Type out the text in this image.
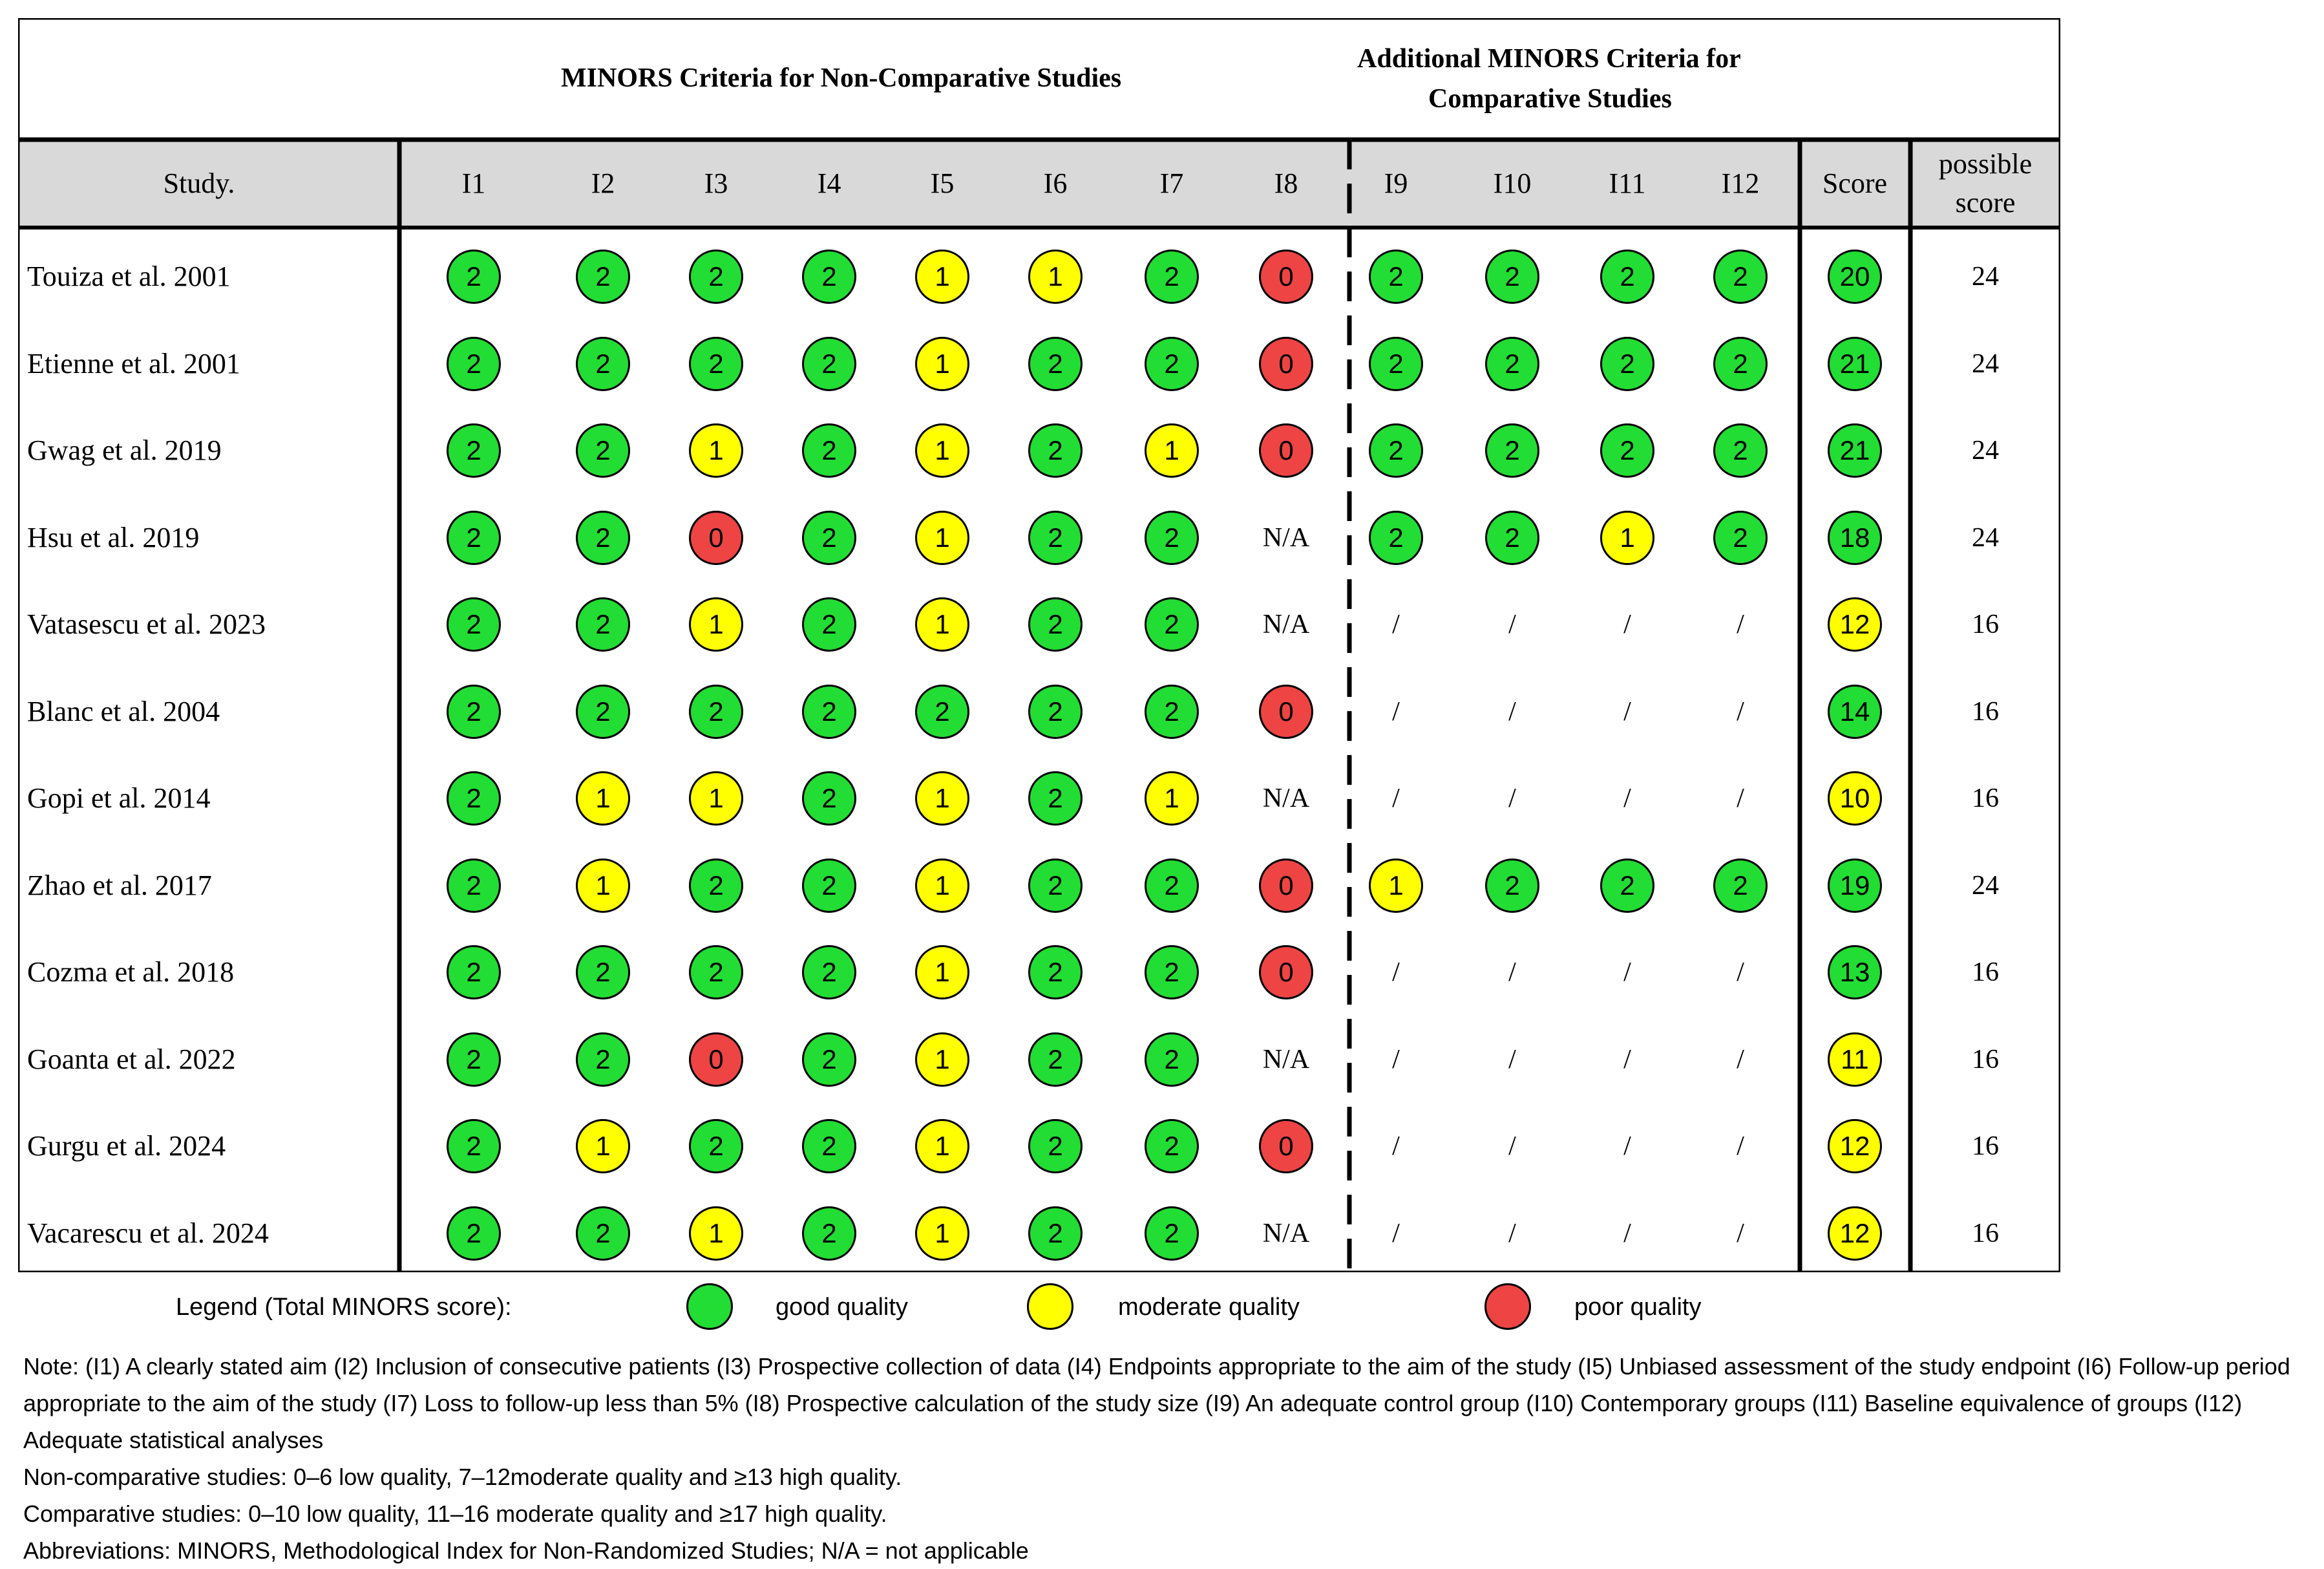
MINORS Criteria for Non-Comparative Studies
Additional MINORS Criteria for
Comparative Studies
Study.	I1	I2	I3	I4	I5	I6	I7	I8	I9	I10	I11	I12 Score
possible
score
Touiza et al. 2001	2	2	2	2	1	1	2	0	2	2	2	2	20	24
Etienne et al. 2001	2	2	2	2	1	2	2	0	2	2	2	2	21	24
Gwag et al. 2019	2	2	1	2	1	2	1	0	2	2	2	2	21	24
Hsu et al. 2019	2	2	0	2	1	2	2	N/A	2	2	1	2	18	24
Vatasescu et al. 2023	2	2	1	2	1	2	2	N/A	/	/	/	/	12	16
Blanc et al. 2004	2	2	2	2	2	2	2	0	/	/	/	/	14	16
Gopi et al. 2014	2	1	1	2	1	2	1	N/A	/	/	/	/	10	16
Zhao et al. 2017	2	1	2	2	1	2	2	0	1	2	2	2	19	24
Cozma et al. 2018	2	2	2	2	1	2	2	0	/	/	/	/	13	16
Goanta et al. 2022	2	2	0	2	1	2	2	N/A	/	/	/	/	11	16
Gurgu et al. 2024	2	1	2	2	1	2	2	0	/	/	/	/	12	16
Vacarescu et al. 2024	2	2	1	2	1	2	2	N/A	/	/	/	/	12	16
Legend (Total MINORS score):	good quality	moderate quality	poor quality
Note: (I1) A clearly stated aim (I2) Inclusion of consecutive patients (I3) Prospective collection of data (I4) Endpoints appropriate to the aim of the study (I5) Unbiased assessment of the study endpoint (I6) Follow-up period appropriate to the aim of the study (I7) Loss to follow-up less than 5% (I8) Prospective calculation of the study size (I9) An adequate control group (I10) Contemporary groups (I11) Baseline equivalence of groups (I12) Adequate statistical analyses
Non-comparative studies: 0–6 low quality, 7–12moderate quality and ≥13 high quality.
Comparative studies: 0–10 low quality, 11–16 moderate quality and ≥17 high quality.
Abbreviations: MINORS, Methodological Index for Non-Randomized Studies; N/A = not applicable
